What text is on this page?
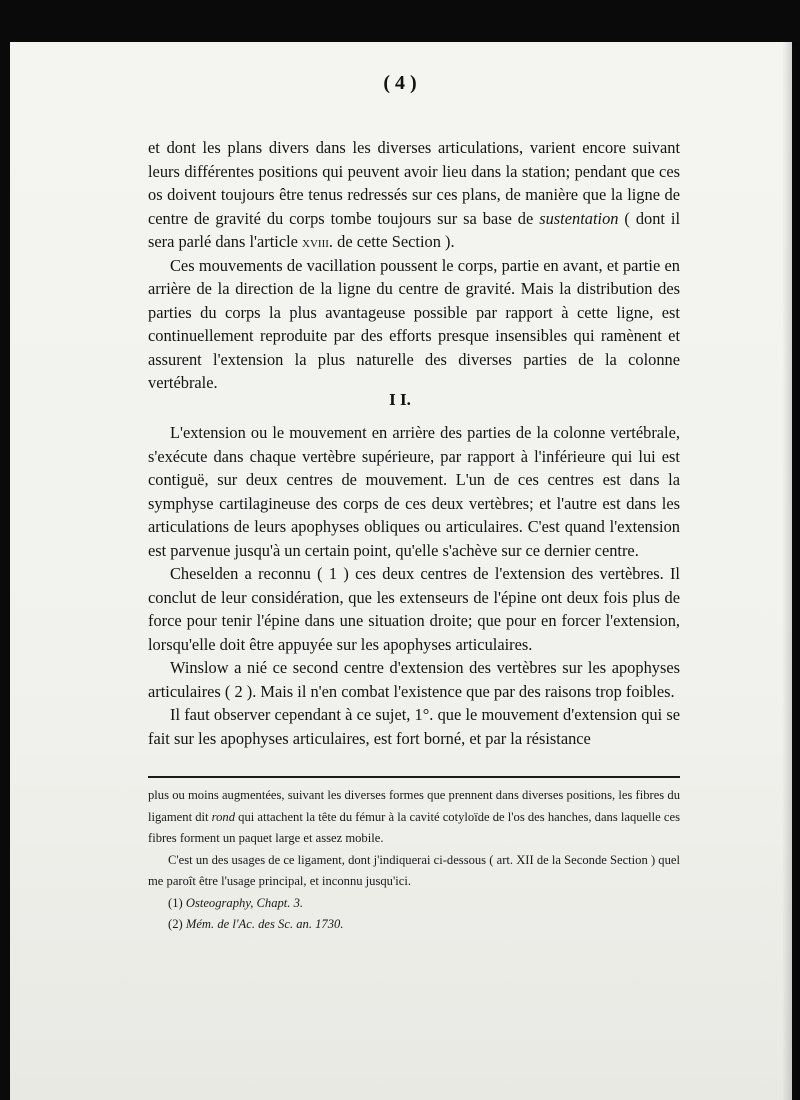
( 4 )

et dont les plans divers dans les diverses articulations, varient encore suivant leurs différentes positions qui peuvent avoir lieu dans la station; pendant que ces os doivent toujours être tenus redressés sur ces plans, de manière que la ligne de centre de gravité du corps tombe toujours sur sa base de sustentation ( dont il sera parlé dans l'article xviii. de cette Section ).

Ces mouvements de vacillation poussent le corps, partie en avant, et partie en arrière de la direction de la ligne du centre de gravité. Mais la distribution des parties du corps la plus avantageuse possible par rapport à cette ligne, est continuellement reproduite par des efforts presque insensibles qui ramènent et assurent l'extension la plus naturelle des diverses parties de la colonne vertébrale.

I I.

L'extension ou le mouvement en arrière des parties de la colonne vertébrale, s'exécute dans chaque vertèbre supérieure, par rapport à l'inférieure qui lui est contiguë, sur deux centres de mouvement. L'un de ces centres est dans la symphyse cartilagineuse des corps de ces deux vertèbres; et l'autre est dans les articulations de leurs apophyses obliques ou articulaires. C'est quand l'extension est parvenue jusqu'à un certain point, qu'elle s'achève sur ce dernier centre.

Cheselden a reconnu ( 1 ) ces deux centres de l'extension des vertèbres. Il conclut de leur considération, que les extenseurs de l'épine ont deux fois plus de force pour tenir l'épine dans une situation droite; que pour en forcer l'extension, lorsqu'elle doit être appuyée sur les apophyses articulaires.

Winslow a nié ce second centre d'extension des vertèbres sur les apophyses articulaires ( 2 ). Mais il n'en combat l'existence que par des raisons trop foibles.

Il faut observer cependant à ce sujet, 1°. que le mouvement d'extension qui se fait sur les apophyses articulaires, est fort borné, et par la résistance

plus ou moins augmentées, suivant les diverses formes que prennent dans diverses positions, les fibres du ligament dit rond qui attachent la tête du fémur à la cavité cotyloïde de l'os des hanches, dans laquelle ces fibres forment un paquet large et assez mobile.

C'est un des usages de ce ligament, dont j'indiquerai ci-dessous ( art. XII de la Seconde Section ) quel me paroît être l'usage principal, et inconnu jusqu'ici.

(1) Osteography, Chapt. 3.

(2) Mém. de l'Ac. des Sc. an. 1730.
